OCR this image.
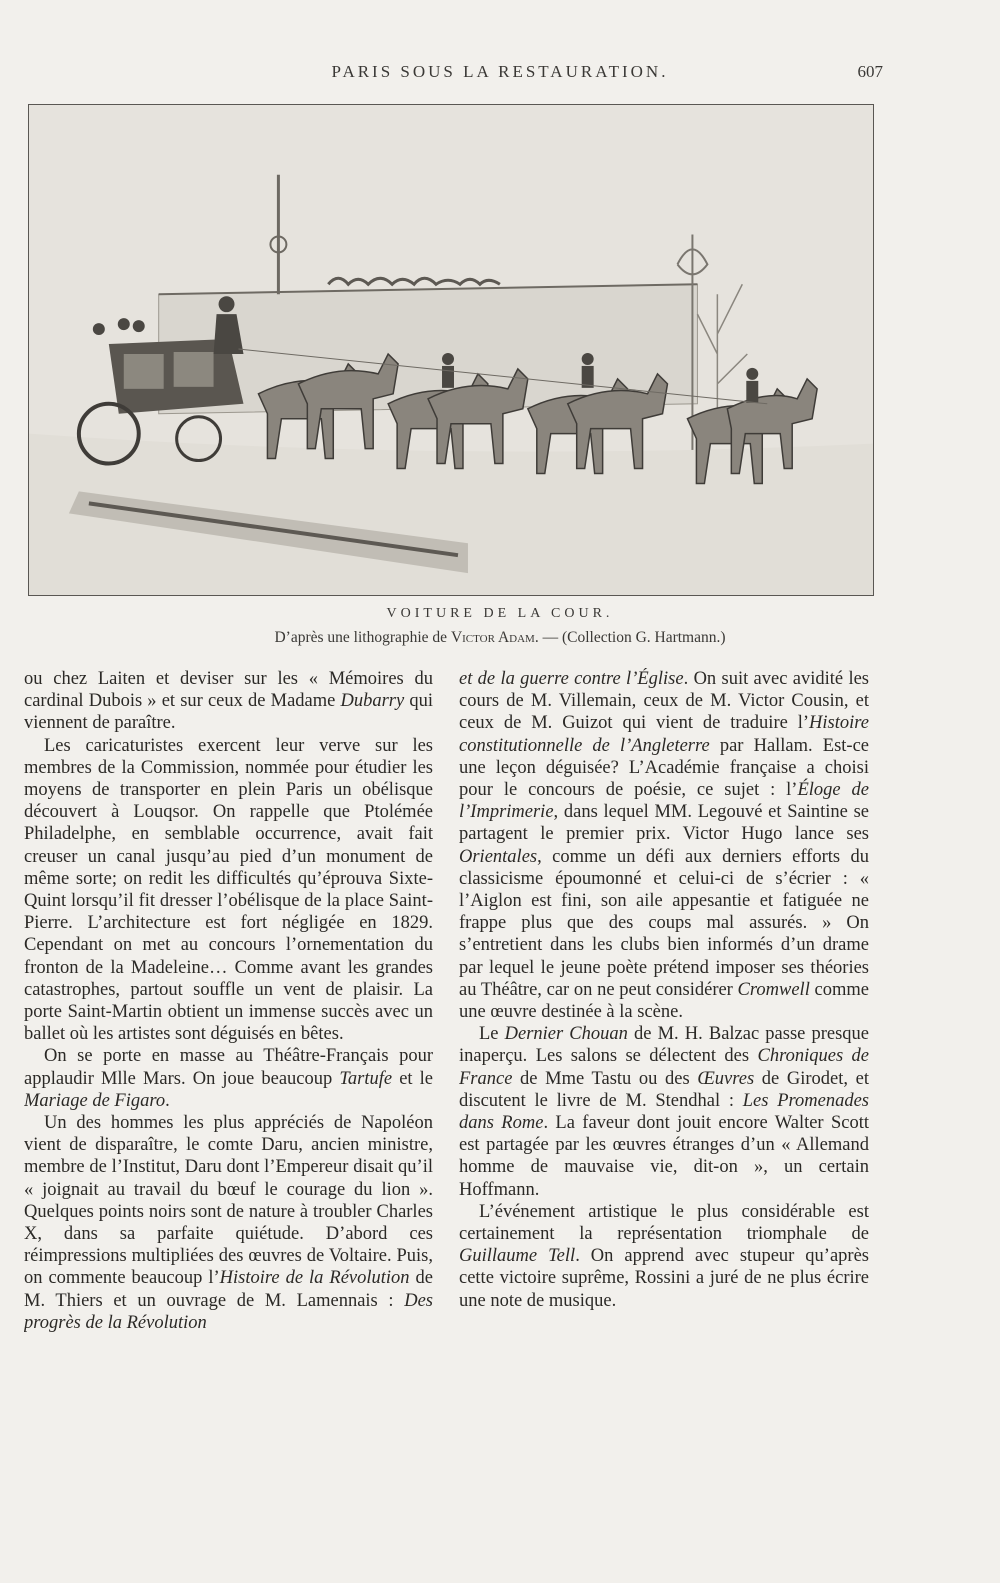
PARIS SOUS LA RESTAURATION.	607
VOITURE DE LA COUR.
D’après une lithographie de Victor Adam. — (Collection G. Hartmann.)

ou chez Laiten et deviser sur les « Mémoires du cardinal Dubois » et sur ceux de Madame Dubarry qui viennent de paraître.

Les caricaturistes exercent leur verve sur les membres de la Commission, nommée pour étudier les moyens de transporter en plein Paris un obélisque découvert à Louqsor. On rappelle que Ptolémée Philadelphe, en semblable occurrence, avait fait creuser un canal jusqu’au pied d’un monument de même sorte; on redit les difficultés qu’éprouva Sixte-Quint lorsqu’il fit dresser l’obélisque de la place Saint-Pierre. L’architecture est fort négligée en 1829. Cependant on met au concours l’ornementation du fronton de la Madeleine… Comme avant les grandes catastrophes, partout souffle un vent de plaisir. La porte Saint-Martin obtient un immense succès avec un ballet où les artistes sont déguisés en bêtes.

On se porte en masse au Théâtre-Français pour applaudir Mlle Mars. On joue beaucoup Tartufe et le Mariage de Figaro.

Un des hommes les plus appréciés de Napoléon vient de disparaître, le comte Daru, ancien ministre, membre de l’Institut, Daru dont l’Empereur disait qu’il « joignait au travail du bœuf le courage du lion ». Quelques points noirs sont de nature à troubler Charles X, dans sa parfaite quiétude. D’abord ces réimpressions multipliées des œuvres de Voltaire. Puis, on commente beaucoup l’Histoire de la Révolution de M. Thiers et un ouvrage de M. Lamennais : Des progrès de la Révolution

et de la guerre contre l’Église. On suit avec avidité les cours de M. Villemain, ceux de M. Victor Cousin, et ceux de M. Guizot qui vient de traduire l’Histoire constitutionnelle de l’Angleterre par Hallam. Est-ce une leçon déguisée? L’Académie française a choisi pour le concours de poésie, ce sujet : l’Éloge de l’Imprimerie, dans lequel MM. Legouvé et Saintine se partagent le premier prix. Victor Hugo lance ses Orientales, comme un défi aux derniers efforts du classicisme époumonné et celui-ci de s’écrier : « l’Aiglon est fini, son aile appesantie et fatiguée ne frappe plus que des coups mal assurés. » On s’entretient dans les clubs bien informés d’un drame par lequel le jeune poète prétend imposer ses théories au Théâtre, car on ne peut considérer Cromwell comme une œuvre destinée à la scène.

Le Dernier Chouan de M. H. Balzac passe presque inaperçu. Les salons se délectent des Chroniques de France de Mme Tastu ou des Œuvres de Girodet, et discutent le livre de M. Stendhal : Les Promenades dans Rome. La faveur dont jouit encore Walter Scott est partagée par les œuvres étranges d’un « Allemand homme de mauvaise vie, dit-on », un certain Hoffmann.

L’événement artistique le plus considérable est certainement la représentation triomphale de Guillaume Tell. On apprend avec stupeur qu’après cette victoire suprême, Rossini a juré de ne plus écrire une note de musique.
